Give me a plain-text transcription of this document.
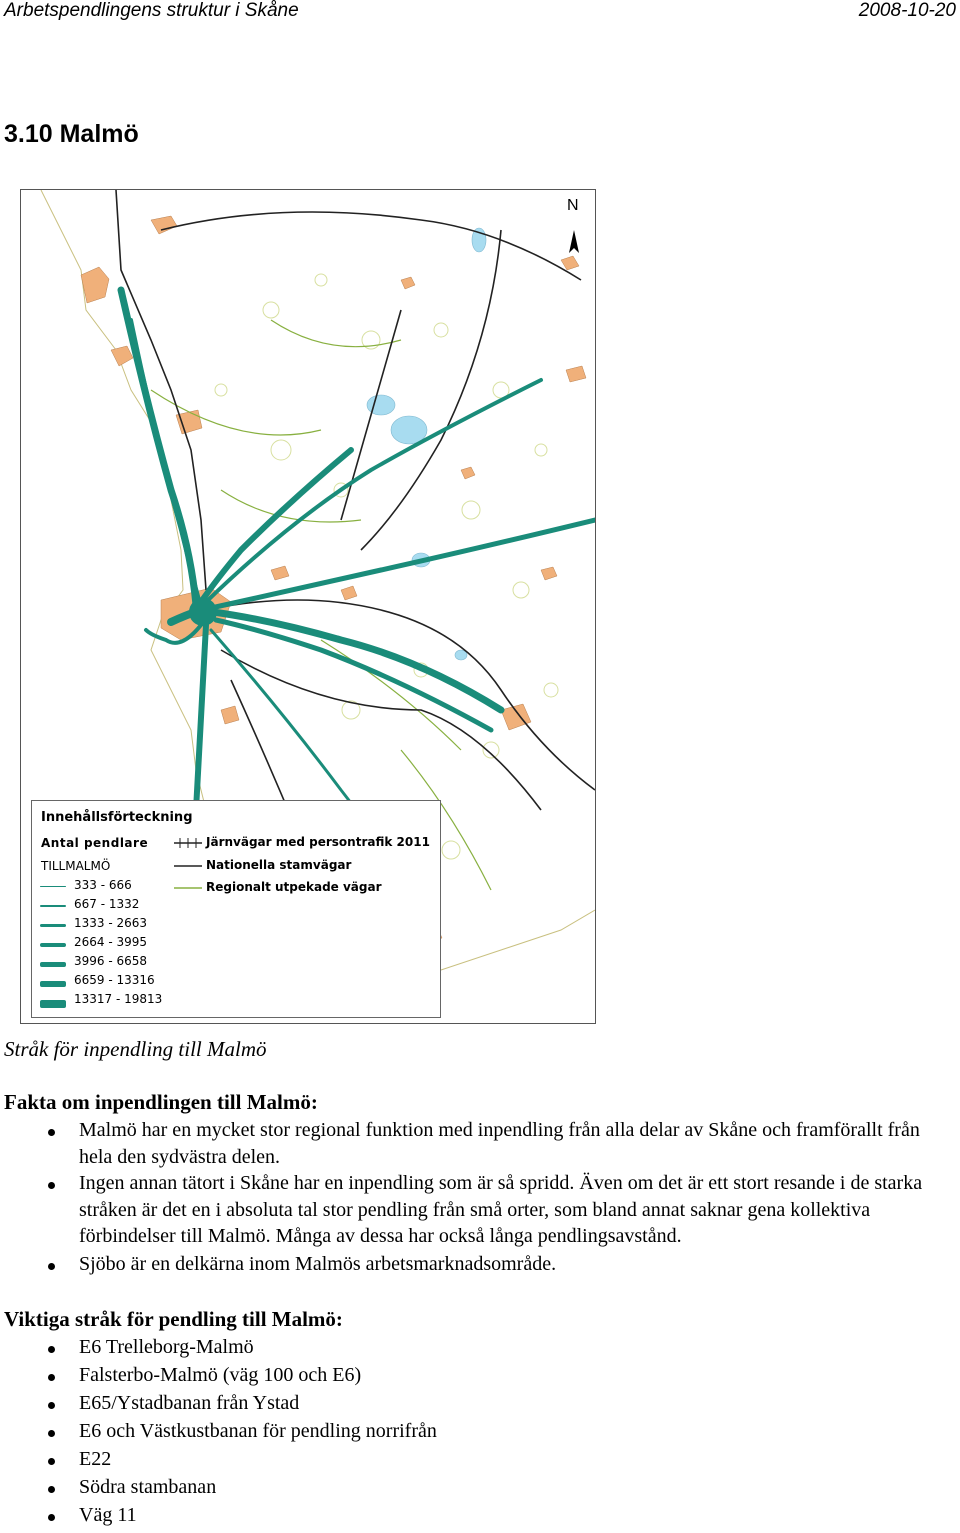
Arbetspendlingens struktur i Skåne	2008-10-20
3.10 Malmö
N
Innehållsförteckning
Antal pendlare
TILLMALMÖ
333 - 666
667 - 1332
1333 - 2663
2664 - 3995
3996 - 6658
6659 - 13316
13317 - 19813
Järnvägar med persontrafik 2011
Nationella stamvägar
Regionalt utpekade vägar
Stråk för inpendling till Malmö
Fakta om inpendlingen till Malmö:
Malmö har en mycket stor regional funktion med inpendling från alla delar av Skåne och framförallt från hela den sydvästra delen.
Ingen annan tätort i Skåne har en inpendling som är så spridd. Även om det är ett stort resande i de starka stråken är det en i absoluta tal stor pendling från små orter, som bland annat saknar gena kollektiva förbindelser till Malmö. Många av dessa har också långa pendlingsavstånd.
Sjöbo är en delkärna inom Malmös arbetsmarknadsområde.
Viktiga stråk för pendling till Malmö:
E6 Trelleborg-Malmö
Falsterbo-Malmö (väg 100 och E6)
E65/Ystadbanan från Ystad
E6 och Västkustbanan för pendling norrifrån
E22
Södra stambanan
Väg 11
